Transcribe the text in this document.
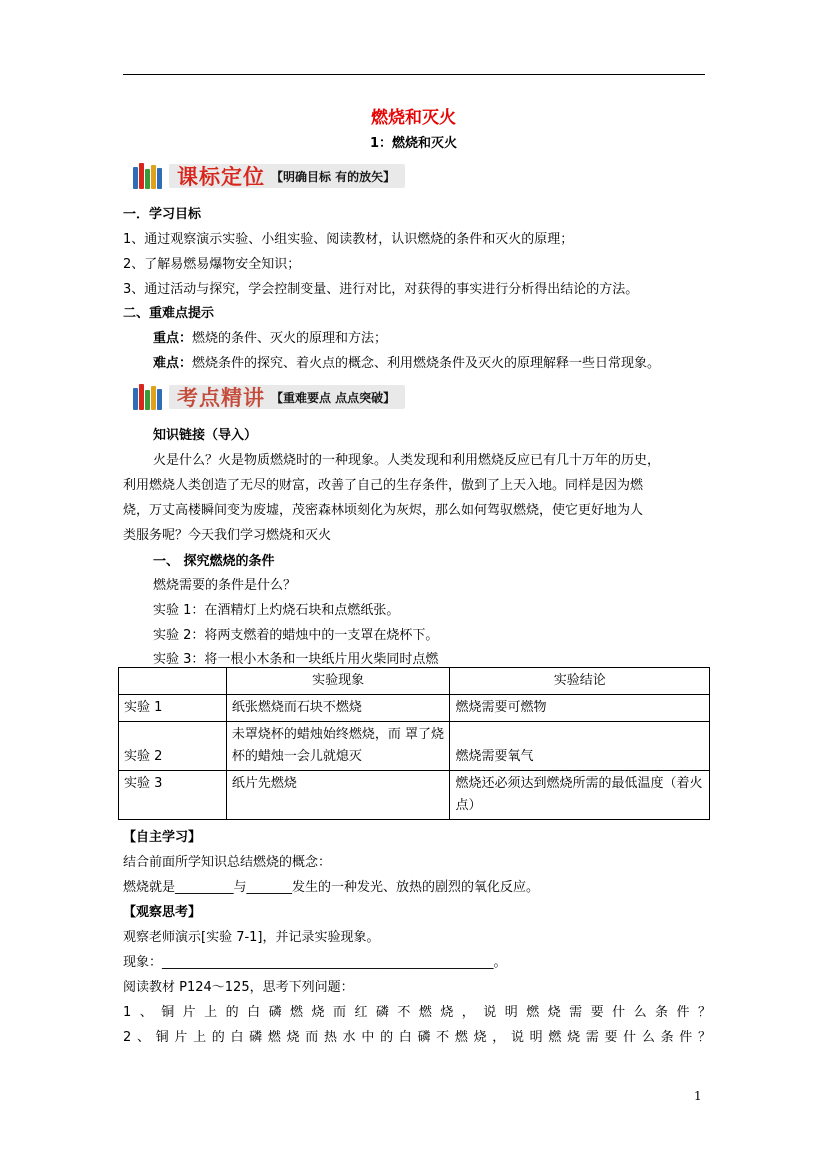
燃烧和灭火
1：燃烧和灭火
课标定位 【明确目标 有的放矢】
一．学习目标
1、通过观察演示实验、小组实验、阅读教材，认识燃烧的条件和灭火的原理；
2、了解易燃易爆物安全知识；
3、通过活动与探究，学会控制变量、进行对比，对获得的事实进行分析得出结论的方法。
二、重难点提示
重点：燃烧的条件、灭火的原理和方法；
难点：燃烧条件的探究、着火点的概念、利用燃烧条件及灭火的原理解释一些日常现象。
考点精讲 【重难要点 点点突破】
知识链接（导入）
火是什么？火是物质燃烧时的一种现象。人类发现和利用燃烧反应已有几十万年的历史，
利用燃烧人类创造了无尽的财富，改善了自己的生存条件，傲到了上天入地。同样是因为燃
烧，万丈高楼瞬间变为废墟，茂密森林顷刻化为灰烬，那么如何驾驭燃烧，使它更好地为人
类服务呢？今天我们学习燃烧和灭火
一、 探究燃烧的条件
燃烧需要的条件是什么？
实验 1：在酒精灯上灼烧石块和点燃纸张。
实验 2：将两支燃着的蜡烛中的一支罩在烧杯下。
实验 3：将一根小木条和一块纸片用火柴同时点燃
	实验现象	实验结论
实验 1	纸张燃烧而石块不燃烧	燃烧需要可燃物
实验 2	未罩烧杯的蜡烛始终燃烧，而 罩了烧杯的蜡烛一会儿就熄灭	燃烧需要氧气
实验 3	纸片先燃烧	燃烧还必须达到燃烧所需的最低温度（着火点）
【自主学习】
结合前面所学知识总结燃烧的概念：
燃烧就是_________与_______发生的一种发光、放热的剧烈的氧化反应。
【观察思考】
观察老师演示[实验 7-1]，并记录实验现象。
现象：___________________________________________________。
阅读教材 P124～125，思考下列问题：
1、铜片上的白磷燃烧而红磷不燃烧，说明燃烧需要什么条件？
2、铜片上的白磷燃烧而热水中的白磷不燃烧，说明燃烧需要什么条件？
1
